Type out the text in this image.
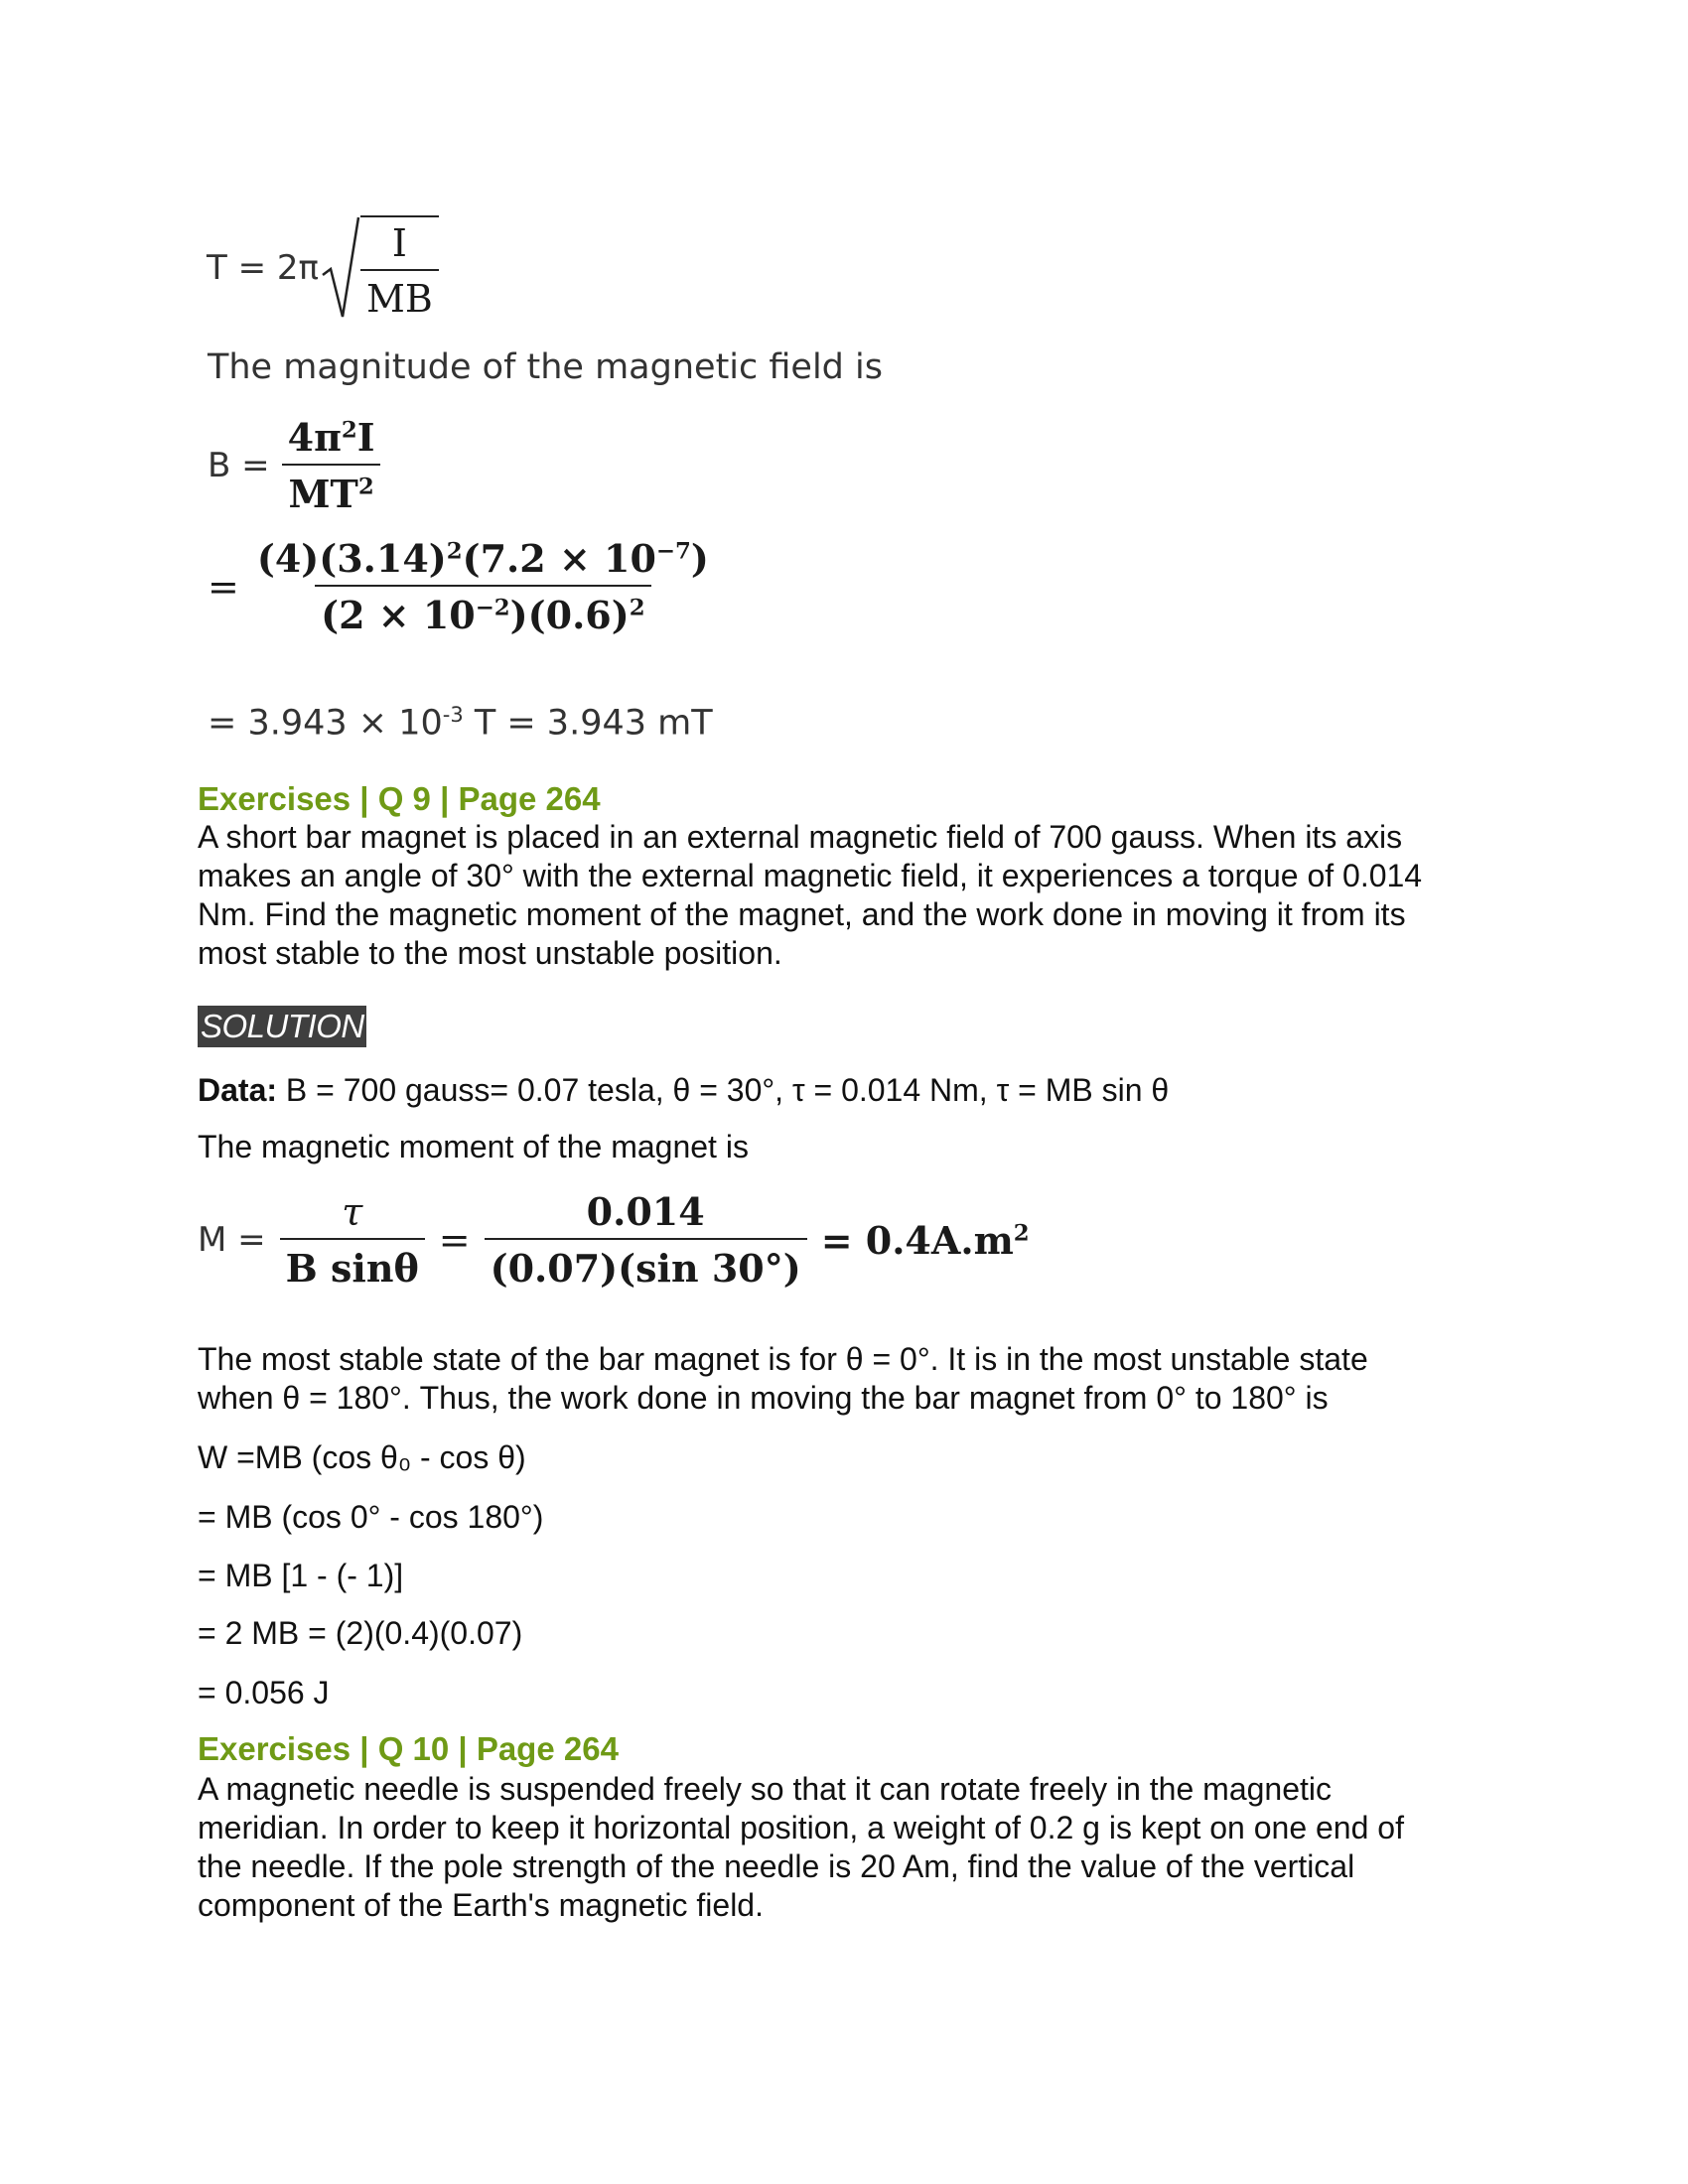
$T = 2\pi \frac{I}{MB}$
The magnitude of the magnetic field is
$B = \frac{4\pi^2I}{MT^2}$
= $\frac{(4)(3.14)^2(7.2 \times 10^{-7})}{(2 \times 10^{-2})(0.6)^2}$
= $3.943 \times 10^{-3}$ T = 3.943 mT
Exercises | Q 9 | Page 264
A short bar magnet is placed in an external magnetic field of 700 gauss. When its axis
makes an angle of 30° with the external magnetic field, it experiences a torque of 0.014
Nm. Find the magnetic moment of the magnet, and the work done in moving it from its
most stable to the most unstable position.
SOLUTION
Data: B = 700 gauss= 0.07 tesla, θ = 30°, τ = 0.014 Nm, τ = MB sin θ
The magnetic moment of the magnet is
$M = \frac{\tau}{\text{B sinθ}} = \frac{0.014}{(0.07)(\sin 30^\circ)} = 0.4A.m^2$
The most stable state of the bar magnet is for θ = 0°. It is in the most unstable state
when θ = 180°. Thus, the work done in moving the bar magnet from 0° to 180° is
W =MB (cos θ₀ - cos θ)
= MB (cos 0° - cos 180°)
= MB [1 - (- 1)]
= 2 MB = (2)(0.4)(0.07)
= 0.056 J
Exercises | Q 10 | Page 264
A magnetic needle is suspended freely so that it can rotate freely in the magnetic
meridian. In order to keep it horizontal position, a weight of 0.2 g is kept on one end of
the needle. If the pole strength of the needle is 20 Am, find the value of the vertical
component of the Earth's magnetic field.
